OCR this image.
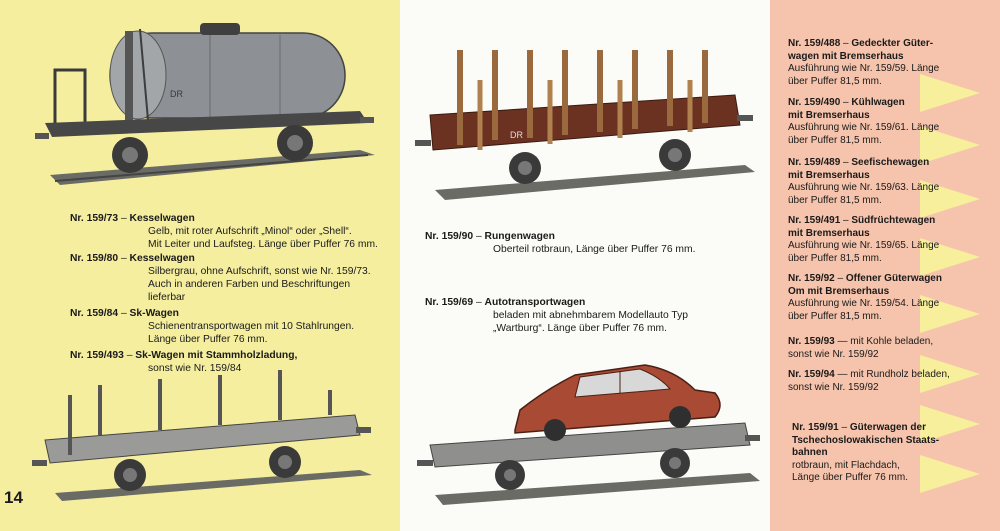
DR
DR
Nr. 159/73 – Kesselwagen
Gelb, mit roter Aufschrift „Minol“ oder „Shell“.
Mit Leiter und Laufsteg. Länge über Puffer 76 mm.
Nr. 159/80 – Kesselwagen
Silbergrau, ohne Aufschrift, sonst wie Nr. 159/73.
Auch in anderen Farben und Beschriftungen
lieferbar
Nr. 159/84 – Sk-Wagen
Schienentransportwagen mit 10 Stahlrungen.
Länge über Puffer 76 mm.
Nr. 159/493 – Sk-Wagen mit Stammholzladung,
sonst wie Nr. 159/84
Nr. 159/90 – Rungenwagen
Oberteil rotbraun, Länge über Puffer 76 mm.
Nr. 159/69 – Autotransportwagen
beladen mit abnehmbarem Modellauto Typ
„Wartburg“. Länge über Puffer 76 mm.
Nr. 159/488 – Gedeckter Güter-
wagen mit Bremserhaus
Ausführung wie Nr. 159/59. Länge
über Puffer 81,5 mm.
Nr. 159/490 – Kühlwagen
mit Bremserhaus
Ausführung wie Nr. 159/61. Länge
über Puffer 81,5 mm.
Nr. 159/489 – Seefischewagen
mit Bremserhaus
Ausführung wie Nr. 159/63. Länge
über Puffer 81,5 mm.
Nr. 159/491 – Südfrüchtewagen
mit Bremserhaus
Ausführung wie Nr. 159/65. Länge
über Puffer 81,5 mm.
Nr. 159/92 – Offener Güterwagen
Om mit Bremserhaus
Ausführung wie Nr. 159/54. Länge
über Puffer 81,5 mm.
Nr. 159/93 — mit Kohle beladen,
sonst wie Nr. 159/92
Nr. 159/94 — mit Rundholz beladen,
sonst wie Nr. 159/92
Nr. 159/91 – Güterwagen der
Tschechoslowakischen Staats-
bahnen
rotbraun, mit Flachdach,
Länge über Puffer 76 mm.
14
